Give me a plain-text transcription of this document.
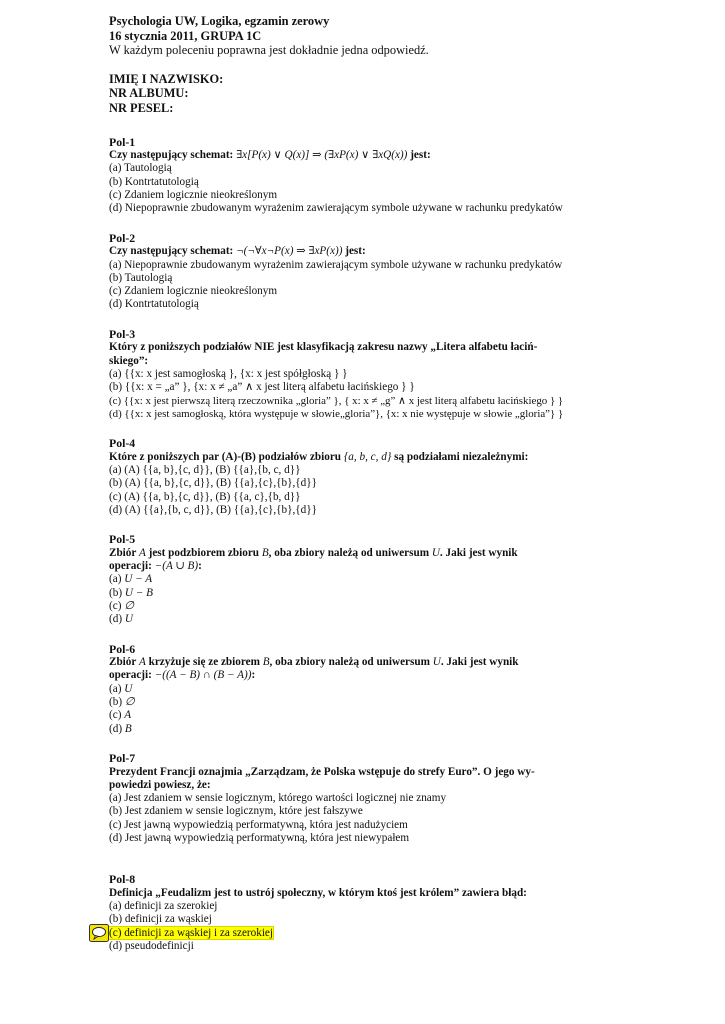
Psychologia UW, Logika, egzamin zerowy
16 stycznia 2011, GRUPA 1C
W każdym poleceniu poprawna jest dokładnie jedna odpowiedź.
IMIĘ I NAZWISKO:
NR ALBUMU:
NR PESEL:
Pol-1
Czy następujący schemat: ∃x[P(x) ∨ Q(x)] ⇒ (∃xP(x) ∨ ∃xQ(x)) jest:
(a) Tautologią
(b) Kontrtatutologią
(c) Zdaniem logicznie nieokreślonym
(d) Niepoprawnie zbudowanym wyrażenim zawierającym symbole używane w rachunku predykatów
Pol-2
Czy następujący schemat: ¬(¬∀x¬P(x) ⇒ ∃xP(x)) jest:
(a) Niepoprawnie zbudowanym wyrażenim zawierającym symbole używane w rachunku predykatów
(b) Tautologią
(c) Zdaniem logicznie nieokreślonym
(d) Kontrtatutologią
Pol-3
Który z poniższych podziałów NIE jest klasyfikacją zakresu nazwy „Litera alfabetu łaciń-
skiego”:
(a) {{x: x jest samogłoską }, {x: x jest spółgłoską } }
(b) {{x: x = „a” }, {x: x ≠ „a” ∧ x jest literą alfabetu łacińskiego } }
(c) {{x: x jest pierwszą literą rzeczownika „gloria” }, { x: x ≠ „g” ∧ x jest literą alfabetu łacińskiego } }
(d) {{x: x jest samogłoską, która występuje w słowie„gloria”}, {x: x nie występuje w słowie „gloria”} }
Pol-4
Które z poniższych par (A)-(B) podziałów zbioru {a, b, c, d} są podziałami niezależnymi:
(a) (A) {{a, b},{c, d}}, (B) {{a},{b, c, d}}
(b) (A) {{a, b},{c, d}}, (B) {{a},{c},{b},{d}}
(c) (A) {{a, b},{c, d}}, (B) {{a, c},{b, d}}
(d) (A) {{a},{b, c, d}}, (B) {{a},{c},{b},{d}}
Pol-5
Zbiór A jest podzbiorem zbioru B, oba zbiory należą od uniwersum U. Jaki jest wynik
operacji: −(A ∪ B):
(a) U − A
(b) U − B
(c) ∅
(d) U
Pol-6
Zbiór A krzyżuje się ze zbiorem B, oba zbiory należą od uniwersum U. Jaki jest wynik
operacji: −((A − B) ∩ (B − A)):
(a) U
(b) ∅
(c) A
(d) B
Pol-7
Prezydent Francji oznajmia „Zarządzam, że Polska wstępuje do strefy Euro”. O jego wy-
powiedzi powiesz, że:
(a) Jest zdaniem w sensie logicznym, którego wartości logicznej nie znamy
(b) Jest zdaniem w sensie logicznym, które jest fałszywe
(c) Jest jawną wypowiedzią performatywną, która jest nadużyciem
(d) Jest jawną wypowiedzią performatywną, która jest niewypałem
Pol-8
Definicja „Feudalizm jest to ustrój społeczny, w którym ktoś jest królem” zawiera błąd:
(a) definicji za szerokiej
(b) definicji za wąskiej
(c) definicji za wąskiej i za szerokiej
(d) pseudodefinicji
